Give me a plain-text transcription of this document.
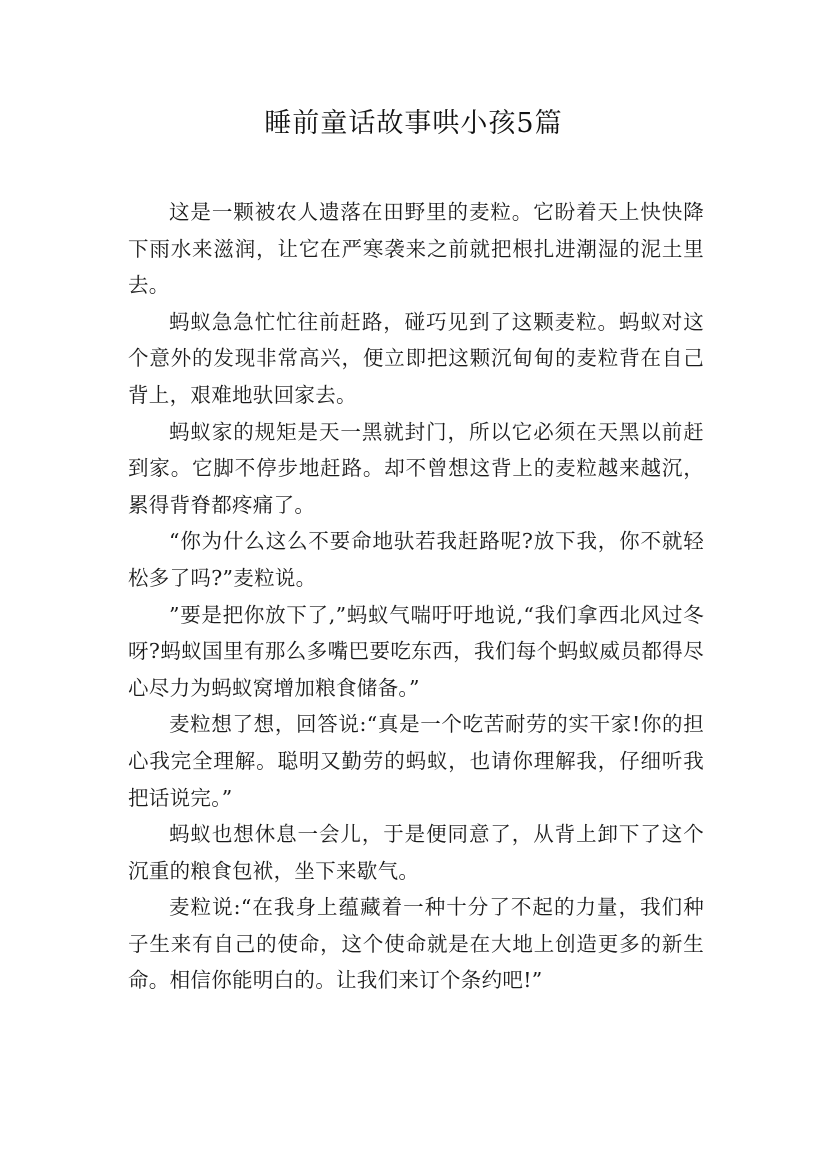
睡前童话故事哄小孩5篇

这是一颗被农人遗落在田野里的麦粒。它盼着天上快快降下雨水来滋润，让它在严寒袭来之前就把根扎进潮湿的泥土里去。

蚂蚁急急忙忙往前赶路，碰巧见到了这颗麦粒。蚂蚁对这个意外的发现非常高兴，便立即把这颗沉甸甸的麦粒背在自己背上，艰难地驮回家去。

蚂蚁家的规矩是天一黑就封门，所以它必须在天黑以前赶到家。它脚不停步地赶路。却不曾想这背上的麦粒越来越沉，累得背脊都疼痛了。

“你为什么这么不要命地驮若我赶路呢?放下我，你不就轻松多了吗?”麦粒说。

”要是把你放下了,”蚂蚁气喘吁吁地说,“我们拿西北风过冬呀?蚂蚁国里有那么多嘴巴要吃东西，我们每个蚂蚁威员都得尽心尽力为蚂蚁窝增加粮食储备。”

麦粒想了想，回答说:“真是一个吃苦耐劳的实干家!你的担心我完全理解。聪明又勤劳的蚂蚁，也请你理解我，仔细听我把话说完。”

蚂蚁也想休息一会儿，于是便同意了，从背上卸下了这个沉重的粮食包袱，坐下来歇气。

麦粒说:“在我身上蕴藏着一种十分了不起的力量，我们种子生来有自己的使命，这个使命就是在大地上创造更多的新生命。相信你能明白的。让我们来订个条约吧!”
